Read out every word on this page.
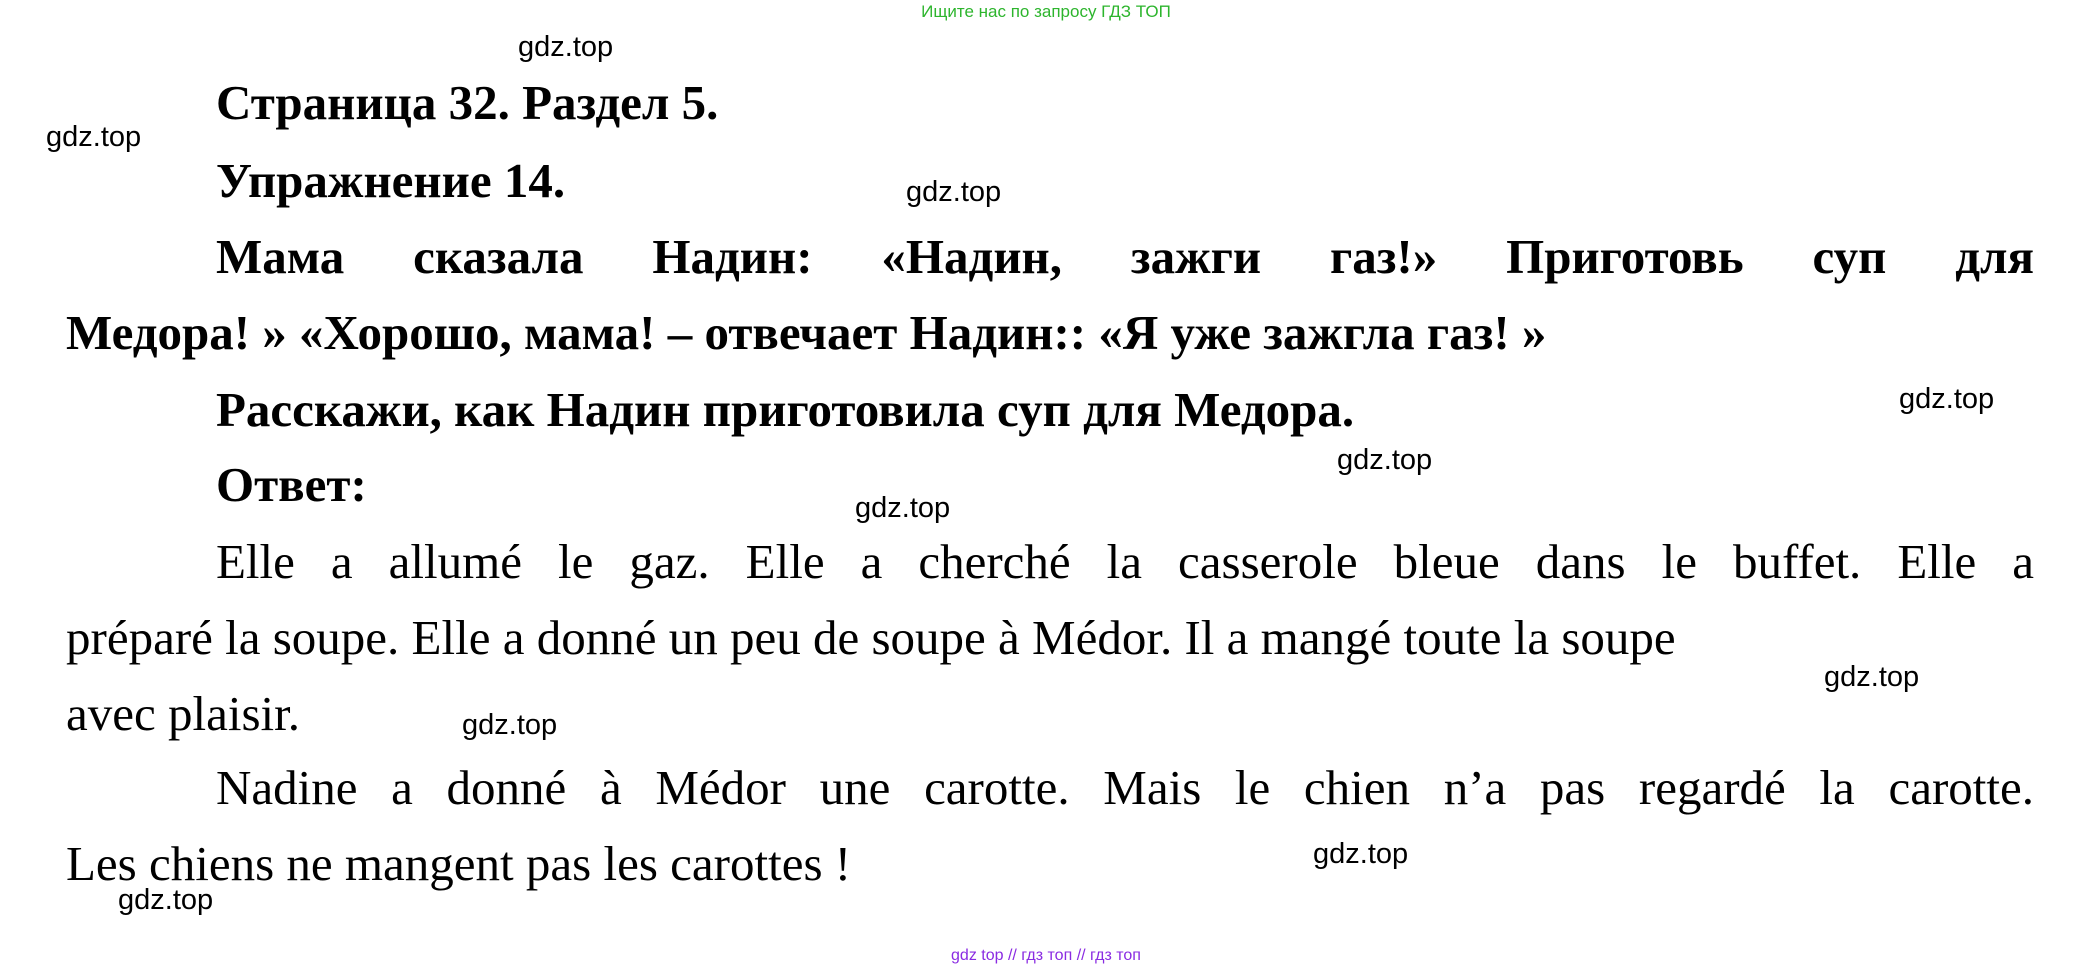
Ищите нас по запросу ГДЗ ТОП
gdz.top
gdz.top
gdz.top
gdz.top
gdz.top
gdz.top
gdz.top
gdz.top
gdz.top
gdz.top
Страница 32. Раздел 5.
Упражнение 14.
Мама сказала Надин: «Надин, зажги газ!» Приготовь суп для
Медора! » «Хорошо, мама! – отвечает Надин:: «Я уже зажгла газ! »
Расскажи, как Надин приготовила суп для Медора.
Ответ:
Elle a allumé le gaz. Elle a cherché la casserole bleue dans le buffet. Elle a
préparé la soupe. Elle a donné un peu de soupe à Médor. Il a mangé toute la soupe
avec plaisir.
Nadine a donné à Médor une carotte. Mais le chien n’a pas regardé la carotte.
Les chiens ne mangent pas les carottes !
gdz top // гдз топ // гдз топ
